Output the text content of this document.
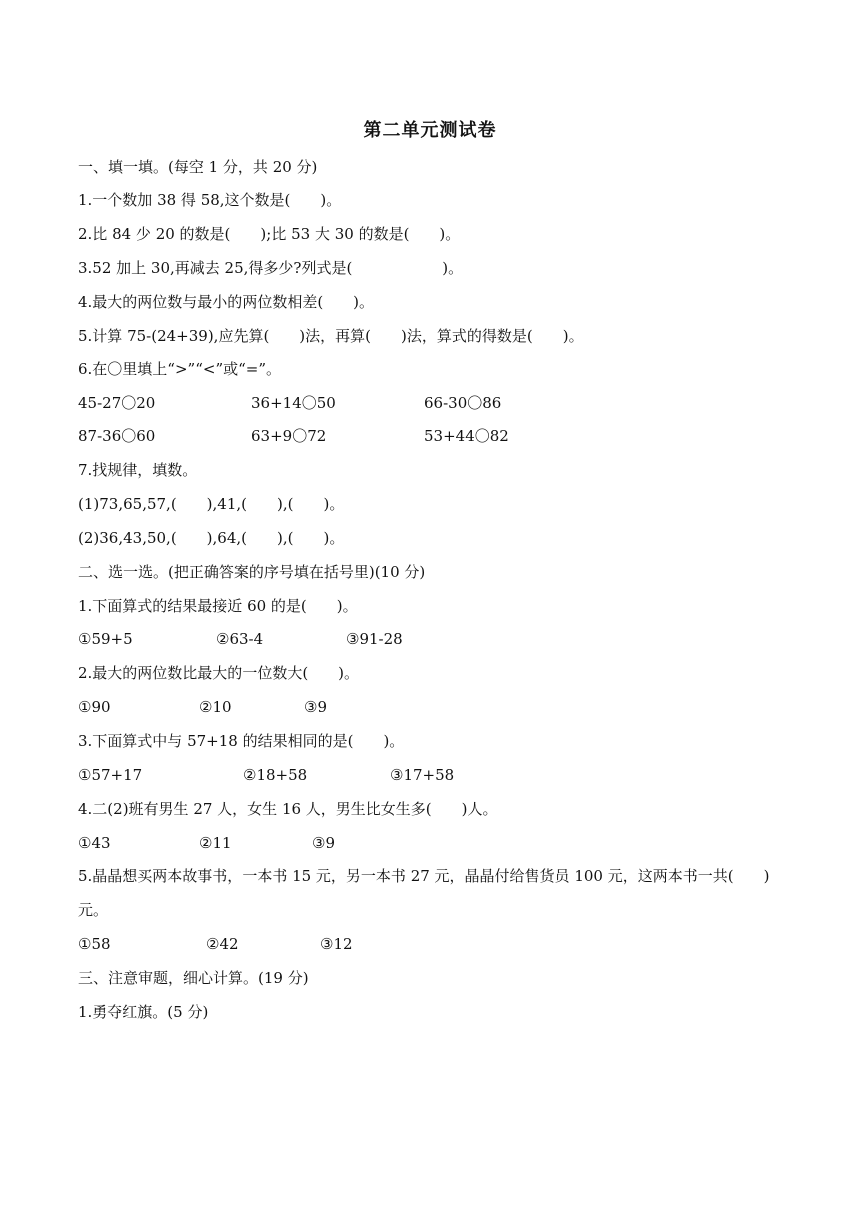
第二单元测试卷
一、填一填。(每空 1 分，共 20 分)
1.一个数加 38 得 58,这个数是(　　)。
2.比 84 少 20 的数是(　　);比 53 大 30 的数是(　　)。
3.52 加上 30,再减去 25,得多少?列式是(　　　　　　)。
4.最大的两位数与最小的两位数相差(　　)。
5.计算 75-(24+39),应先算(　　)法，再算(　　)法，算式的得数是(　　)。
6.在〇里填上“>”“<”或“=”。
45-27〇20	36+14〇50	66-30〇86
87-36〇60	63+9〇72	53+44〇82
7.找规律，填数。
(1)73,65,57,(　　),41,(　　),(　　)。
(2)36,43,50,(　　),64,(　　),(　　)。
二、选一选。(把正确答案的序号填在括号里)(10 分)
1.下面算式的结果最接近 60 的是(　　)。
①59+5	②63-4	③91-28
2.最大的两位数比最大的一位数大(　　)。
①90	②10	③9
3.下面算式中与 57+18 的结果相同的是(　　)。
①57+17	②18+58	③17+58
4.二(2)班有男生 27 人，女生 16 人，男生比女生多(　　)人。
①43	②11	③9
5.晶晶想买两本故事书，一本书 15 元，另一本书 27 元，晶晶付给售货员 100 元，这两本书一共(　　)元。
①58	②42	③12
三、注意审题，细心计算。(19 分)
1.勇夺红旗。(5 分)
